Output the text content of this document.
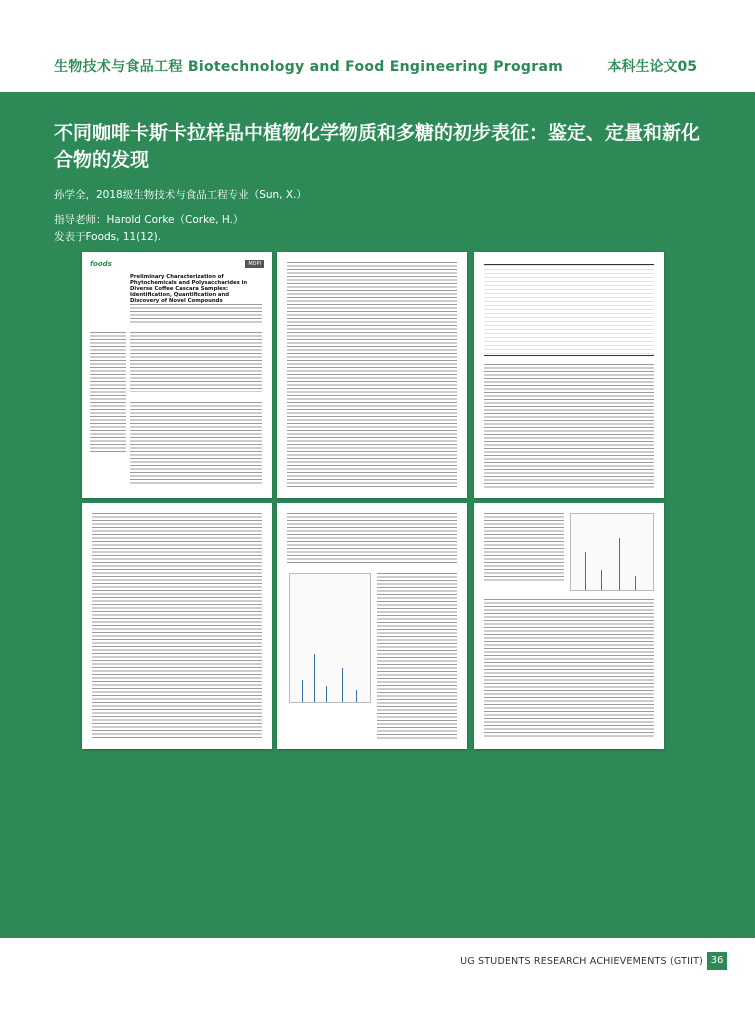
生物技术与食品工程 Biotechnology and Food Engineering Program	本科生论文05
不同咖啡卡斯卡拉样品中植物化学物质和多糖的初步表征：鉴定、定量和新化合物的发现
孙学全，2018级生物技术与食品工程专业（Sun, X.）
指导老师：Harold Corke（Corke, H.）
发表于Foods, 11(12).
foods	MDPI
Preliminary Characterization of Phytochemicals and Polysaccharides in Diverse Coffee Cascara Samples: Identification, Quantification and Discovery of Novel Compounds
UG STUDENTS RESEARCH ACHIEVEMENTS (GTIIT) 36
